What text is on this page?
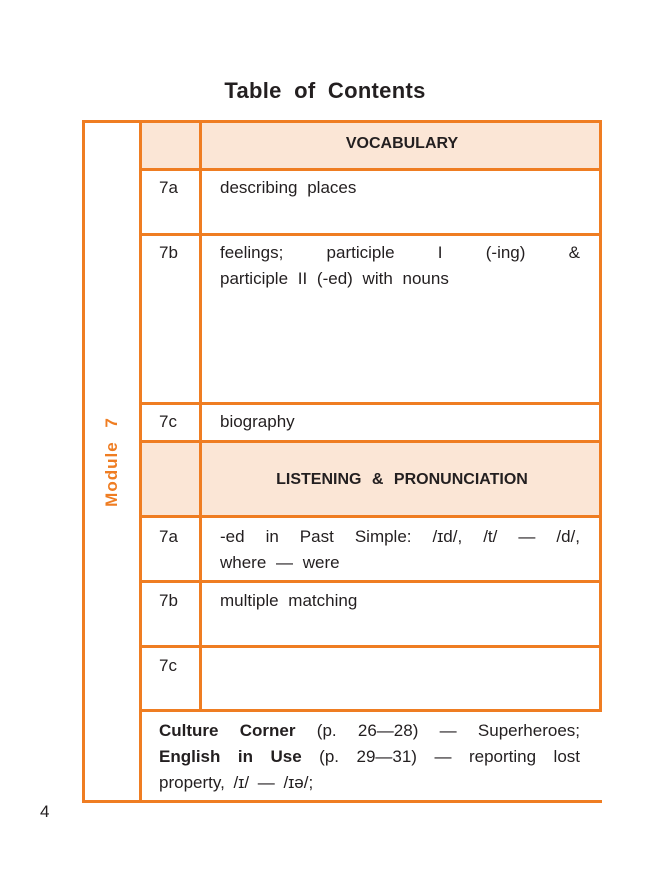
Table of Contents
Module 7
VOCABULARY
7a describing places
7b feelings; participle I (-ing) &
participle II (-ed) with nouns
7c	biography
LISTENING & PRONUNCIATION
7a -ed in Past Simple: /ɪd/, /t/ — /d/,
where — were
7b multiple matching
7c
Culture Corner (p. 26—28) — Superheroes; English in Use (p. 29—31) — reporting lost property, /ɪ/ — /ɪə/;
4
